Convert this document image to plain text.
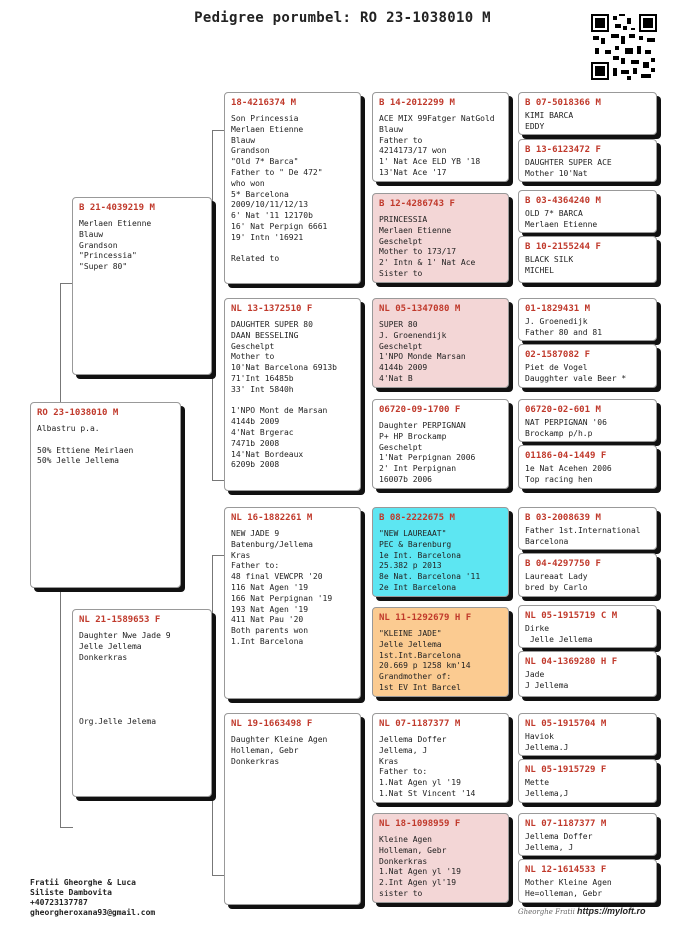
Pedigree porumbel: RO 23-1038010 M
RO 23-1038010 M
Albastru p.a.

50% Ettiene Meirlaen
50% Jelle Jellema
B 21-4039219 M
Merlaen Etienne
Blauw
Grandson
"Princessia"
"Super 80"
NL 21-1589653 F
Daughter Nwe Jade 9
Jelle Jellema
Donkerkras

Org.Jelle Jelema
18-4216374 M
Son Princessia
Merlaen Etienne
Blauw
Grandson
"Old 7* Barca"
Father to " De 472"
who won
5* Barcelona
2009/10/11/12/13
6' Nat '11 12170b
16' Nat Perpign 6661
19' Intn '16921

Related to
NL 13-1372510 F
DAUGHTER SUPER 80
DAAN BESSELING
Geschelpt
Mother to
10'Nat Barcelona 6913b
71'Int 16485b
33' Int 5840h

1'NPO Mont de Marsan
4144b 2009
4'Nat Brgerac
7471b 2008
14'Nat Bordeaux
6209b 2008
NL 16-1882261 M
NEW JADE 9
Batenburg/Jellema
Kras
Father to:
48 final VEWCPR '20
116 Nat Agen '19
166 Nat Perpignan '19
193 Nat Agen '19
411 Nat Pau '20
Both parents won
1.Int Barcelona
NL 19-1663498 F
Daughter Kleine Agen
Holleman, Gebr
Donkerkras
B 14-2012299 M
ACE MIX 99Fatger NatGold
Blauw
Father to
4214173/17 won
1' Nat Ace ELD YB '18
13'Nat Ace '17
B 12-4286743 F
PRINCESSIA
Merlaen Etienne
Geschelpt
Mother to 173/17
2' Intn & 1' Nat Ace
Sister to
NL 05-1347080 M
SUPER 80
J. Groenendijk
Geschelpt
1'NPO Monde Marsan
4144b 2009
4'Nat B
06720-09-1700 F
Daughter PERPIGNAN
P+ HP Brockamp
Geschelpt
1'Nat Perpignan 2006
2' Int Perpignan
16007b 2006
B 08-2222675 M
"NEW LAUREAAT"
PEC & Barenburg
1e Int. Barcelona
25.382 p 2013
8e Nat. Barcelona '11
2e Int Barcelona
NL 11-1292679 H F
"KLEINE JADE"
Jelle Jellema
1st.Int.Barcelona
20.669 p 1258 km'14
Grandmother of:
1st EV Int Barcel
NL 07-1187377 M
Jellema Doffer
Jellema, J
Kras
Father to:
1.Nat Agen yl '19
1.Nat St Vincent '14
NL 18-1098959 F
Kleine Agen
Holleman, Gebr
Donkerkras
1.Nat Agen yl '19
2.Int Agen yl'19
sister to
B 07-5018366 M
KIMI BARCA
EDDY
B 13-6123472 F
DAUGHTER SUPER ACE
Mother 10'Nat
B 03-4364240 M
OLD 7* BARCA
Merlaen Etienne
B 10-2155244 F
BLACK SILK
MICHEL
01-1829431 M
J. Groenedijk
Father 80 and 81
02-1587082 F
Piet de Vogel
Daugghter vale Beer *
06720-02-601 M
NAT PERPIGNAN '06
Brockamp p/h.p
01186-04-1449 F
1e Nat Acehen 2006
Top racing hen
B 03-2008639 M
Father 1st.International
Barcelona
B 04-4297750 F
Laureaat Lady
bred by Carlo
NL 05-1915719 C M
Dirke
Jelle Jellema
NL 04-1369280 H F
Jade
J Jellema
NL 05-1915704 M
Haviok
Jellema.J
NL 05-1915729 F
Mette
Jellema,J
NL 07-1187377 M
Jellema Doffer
Jellema, J
NL 12-1614533 F
Mother Kleine Agen
He=olleman, Gebr
Fratii Gheorghe & Luca
Siliste Dambovita
+40723137787
gheorgheroxana93@gmail.com	Gheorghe Fratii https://myloft.ro
